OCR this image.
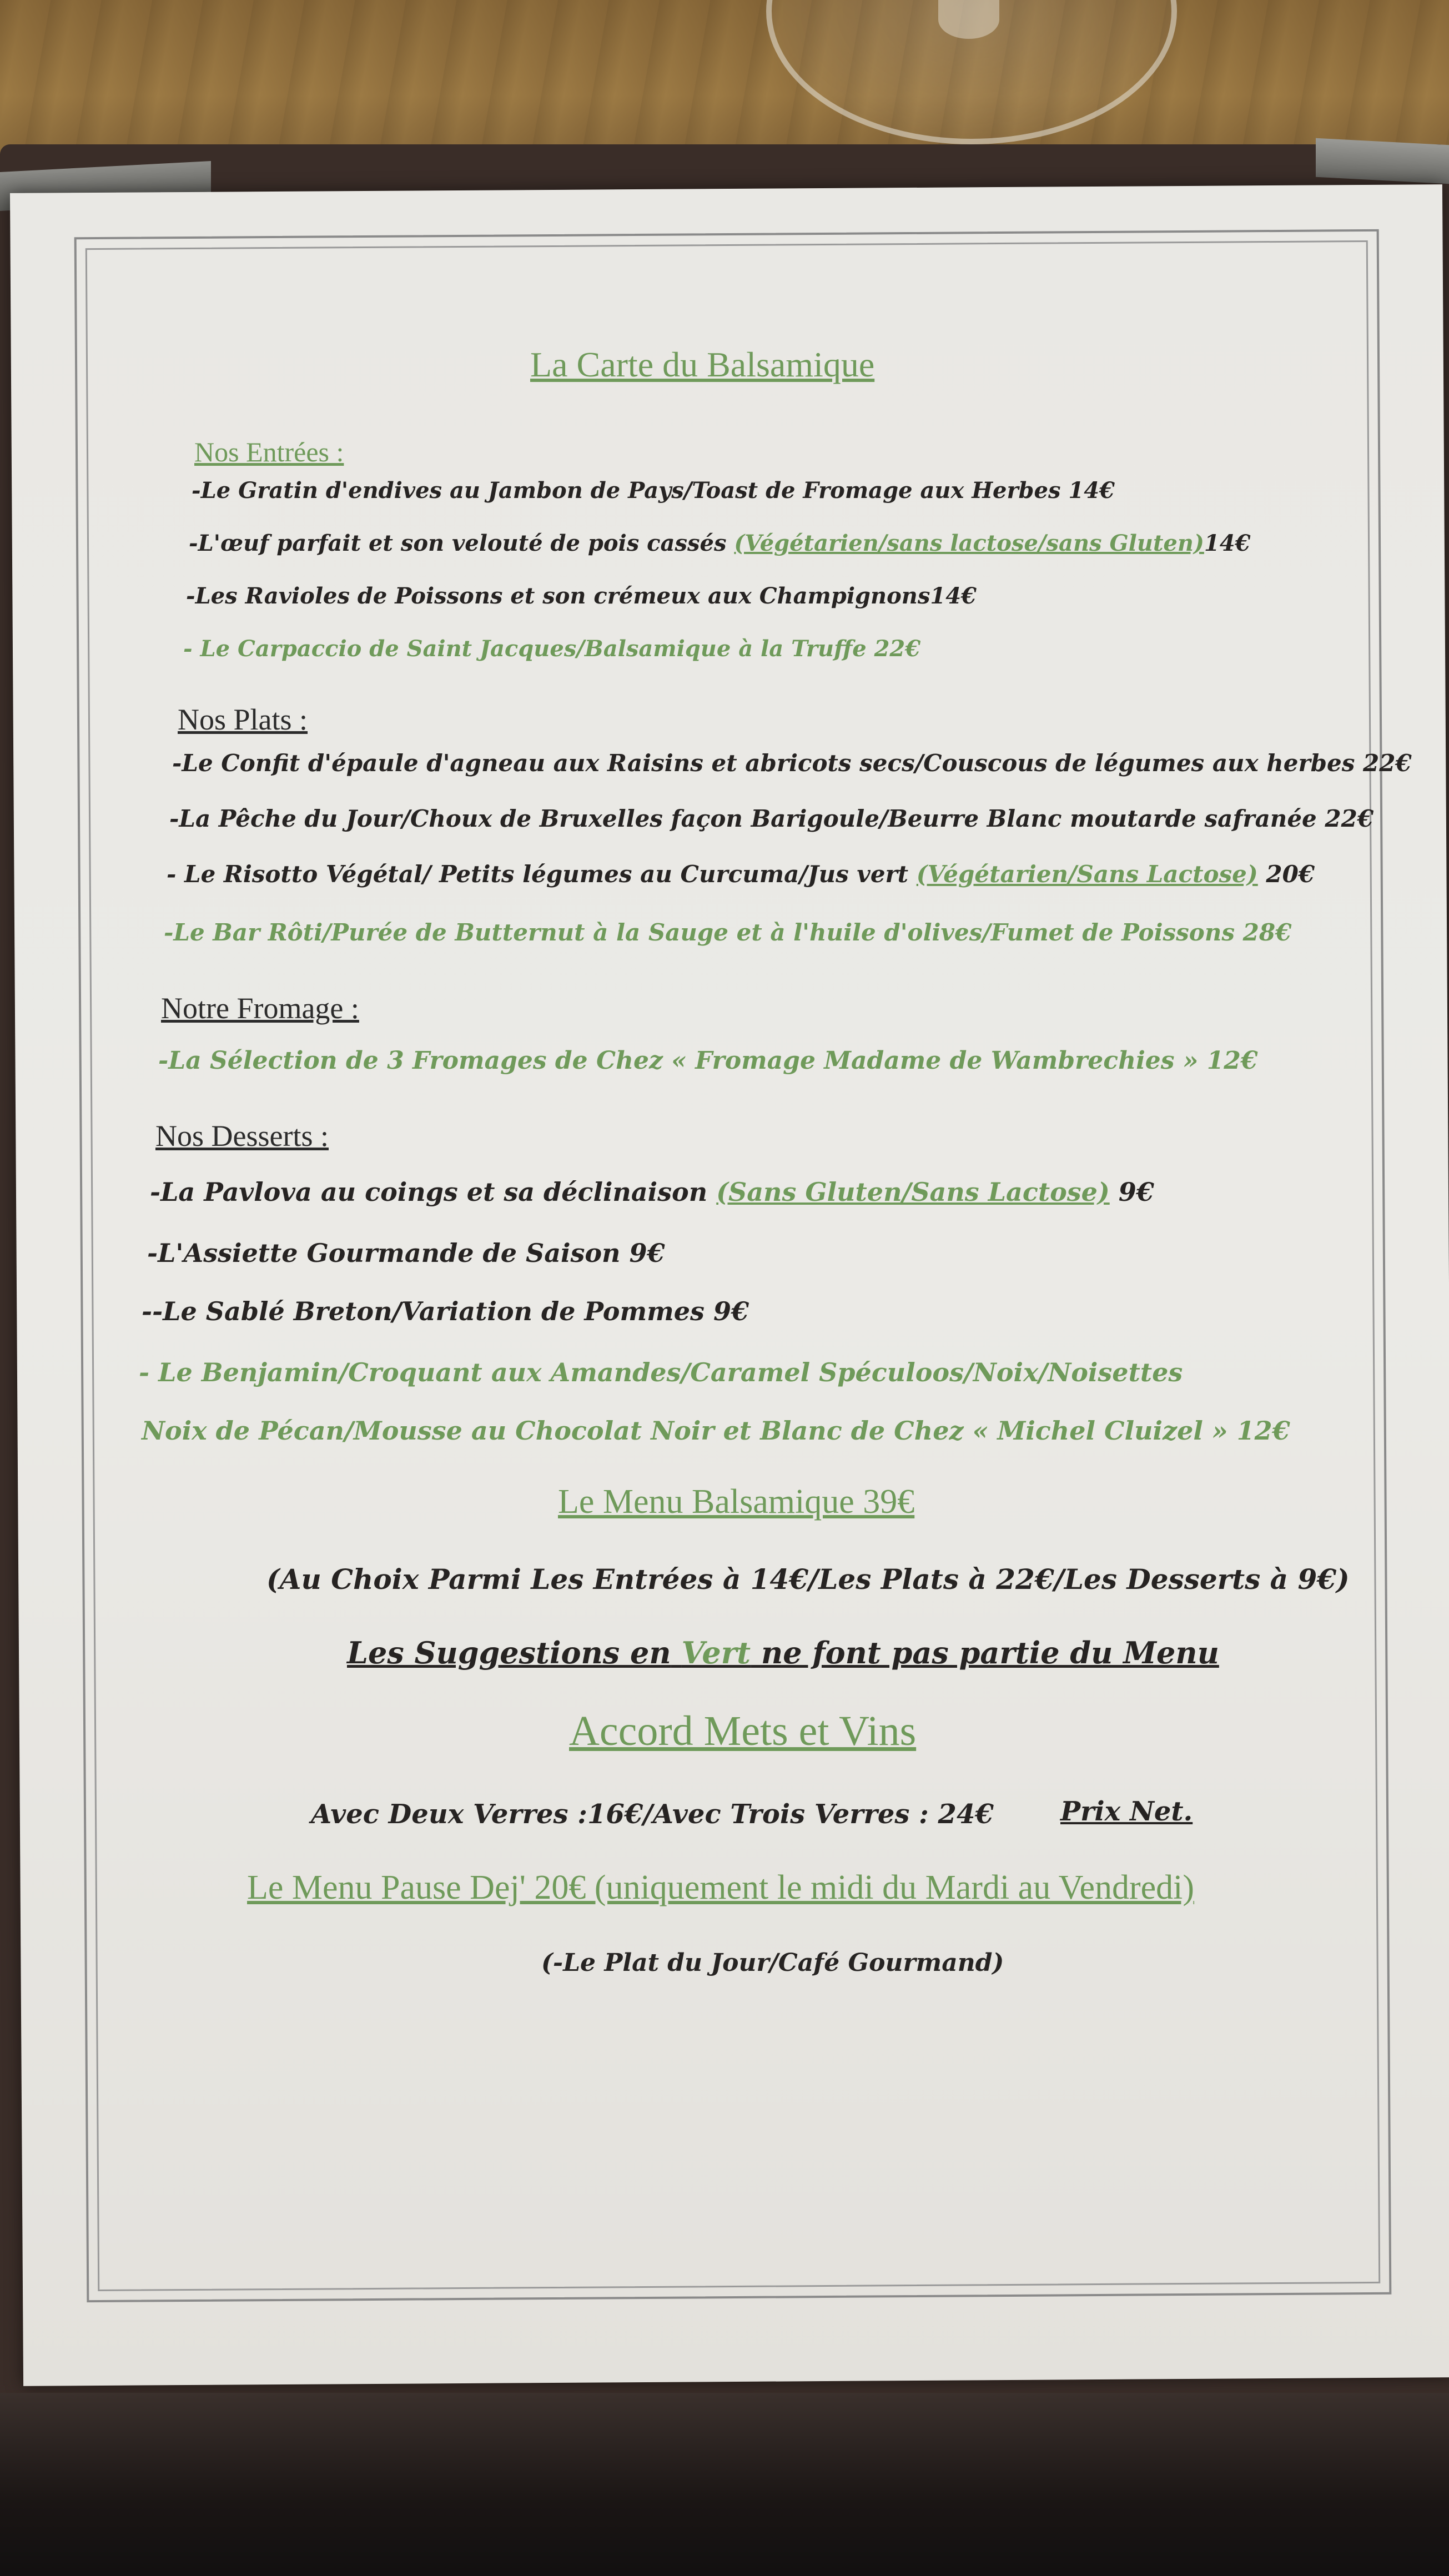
La Carte du Balsamique
Nos Entrées :
-Le Gratin d'endives au Jambon de Pays/Toast de Fromage aux Herbes 14€
-L'œuf parfait et son velouté de pois cassés (Végétarien/sans lactose/sans Gluten)14€
-Les Ravioles de Poissons et son crémeux aux Champignons14€
- Le Carpaccio de Saint Jacques/Balsamique à la Truffe 22€
Nos Plats :
-Le Confit d'épaule d'agneau aux Raisins et abricots secs/Couscous de légumes aux herbes 22€
-La Pêche du Jour/Choux de Bruxelles façon Barigoule/Beurre Blanc moutarde safranée 22€
- Le Risotto Végétal/ Petits légumes au Curcuma/Jus vert (Végétarien/Sans Lactose) 20€
-Le Bar Rôti/Purée de Butternut à la Sauge et à l'huile d'olives/Fumet de Poissons 28€
Notre Fromage :
-La Sélection de 3 Fromages de Chez « Fromage Madame de Wambrechies » 12€
Nos Desserts :
-La Pavlova au coings et sa déclinaison (Sans Gluten/Sans Lactose) 9€
-L'Assiette Gourmande de Saison 9€
--Le Sablé Breton/Variation de Pommes 9€
- Le Benjamin/Croquant aux Amandes/Caramel Spéculoos/Noix/Noisettes
Noix de Pécan/Mousse au Chocolat Noir et Blanc de Chez « Michel Cluizel » 12€
Le Menu Balsamique 39€
(Au Choix Parmi Les Entrées à 14€/Les Plats à 22€/Les Desserts à 9€)
Les Suggestions en Vert ne font pas partie du Menu
Accord Mets et Vins
Avec Deux Verres :16€/Avec Trois Verres : 24€	Prix Net.
Le Menu Pause Dej' 20€ (uniquement le midi du Mardi au Vendredi)
(-Le Plat du Jour/Café Gourmand)
